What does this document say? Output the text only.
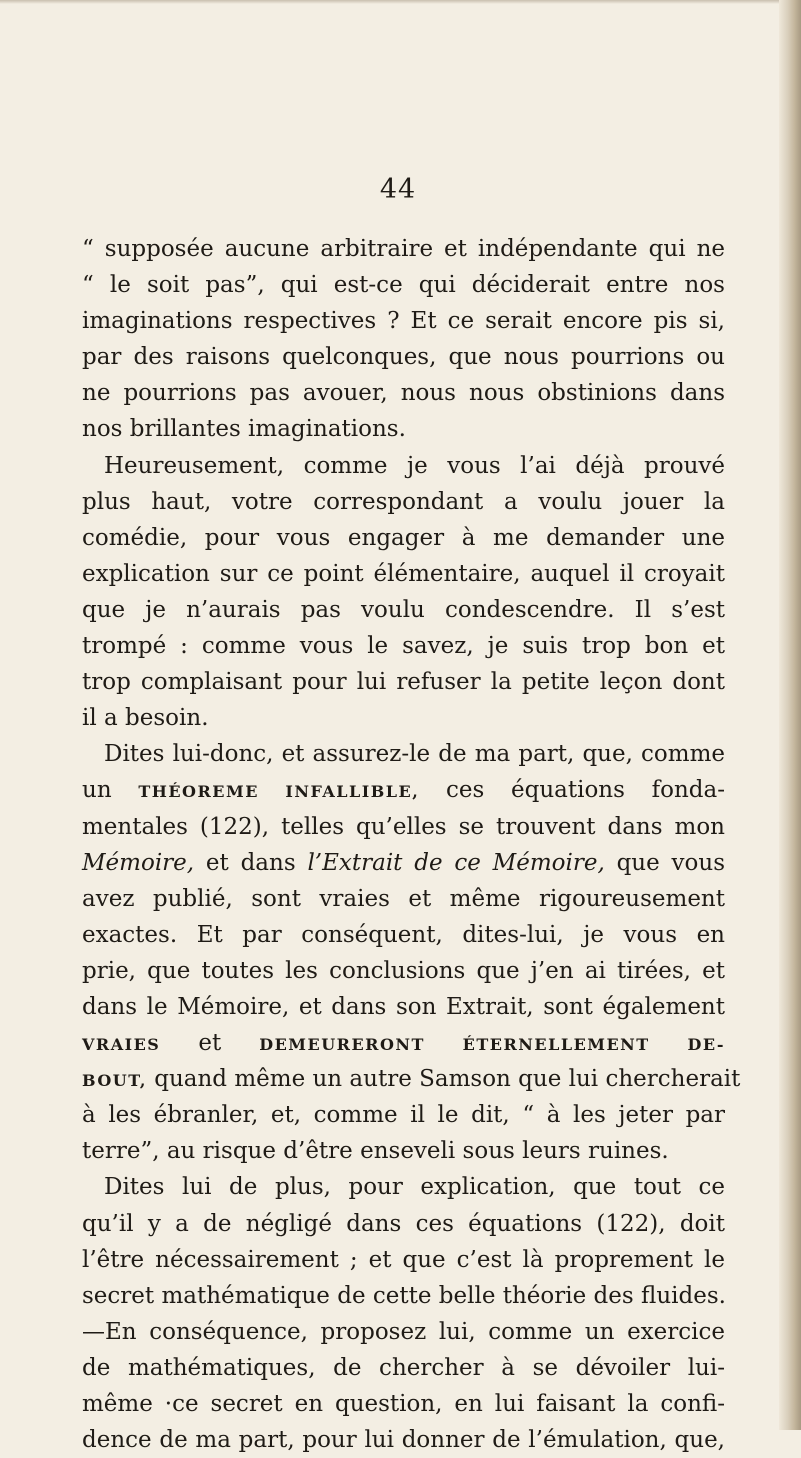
44
“ supposée aucune arbitraire et indépendante qui ne
“ le soit pas”, qui est-ce qui déciderait entre nos
imaginations respectives ? Et ce serait encore pis si,
par des raisons quelconques, que nous pourrions ou
ne pourrions pas avouer, nous nous obstinions dans
nos brillantes imaginations.
Heureusement, comme je vous l’ai déjà prouvé
plus haut, votre correspondant a voulu jouer la
comédie, pour vous engager à me demander une
explication sur ce point élémentaire, auquel il croyait
que je n’aurais pas voulu condescendre. Il s’est
trompé : comme vous le savez, je suis trop bon et
trop complaisant pour lui refuser la petite leçon dont
il a besoin.
Dites lui-donc, et assurez-le de ma part, que, comme
un THÉOREME INFALLIBLE, ces équations fonda-
mentales (122), telles qu’elles se trouvent dans mon
Mémoire, et dans l’Extrait de ce Mémoire, que vous
avez publié, sont vraies et même rigoureusement
exactes. Et par conséquent, dites-lui, je vous en
prie, que toutes les conclusions que j’en ai tirées, et
dans le Mémoire, et dans son Extrait, sont également
VRAIES et DEMEURERONT ÉTERNELLEMENT DE-
BOUT, quand même un autre Samson que lui chercherait
à les ébranler, et, comme il le dit, “ à les jeter par
terre”, au risque d’être enseveli sous leurs ruines.
Dites lui de plus, pour explication, que tout ce
qu’il y a de négligé dans ces équations (122), doit
l’être nécessairement ; et que c’est là proprement le
secret mathématique de cette belle théorie des fluides.
—En conséquence, proposez lui, comme un exercice
de mathématiques, de chercher à se dévoiler lui-
même ·ce secret en question, en lui faisant la confi-
dence de ma part, pour lui donner de l’émulation, que,
